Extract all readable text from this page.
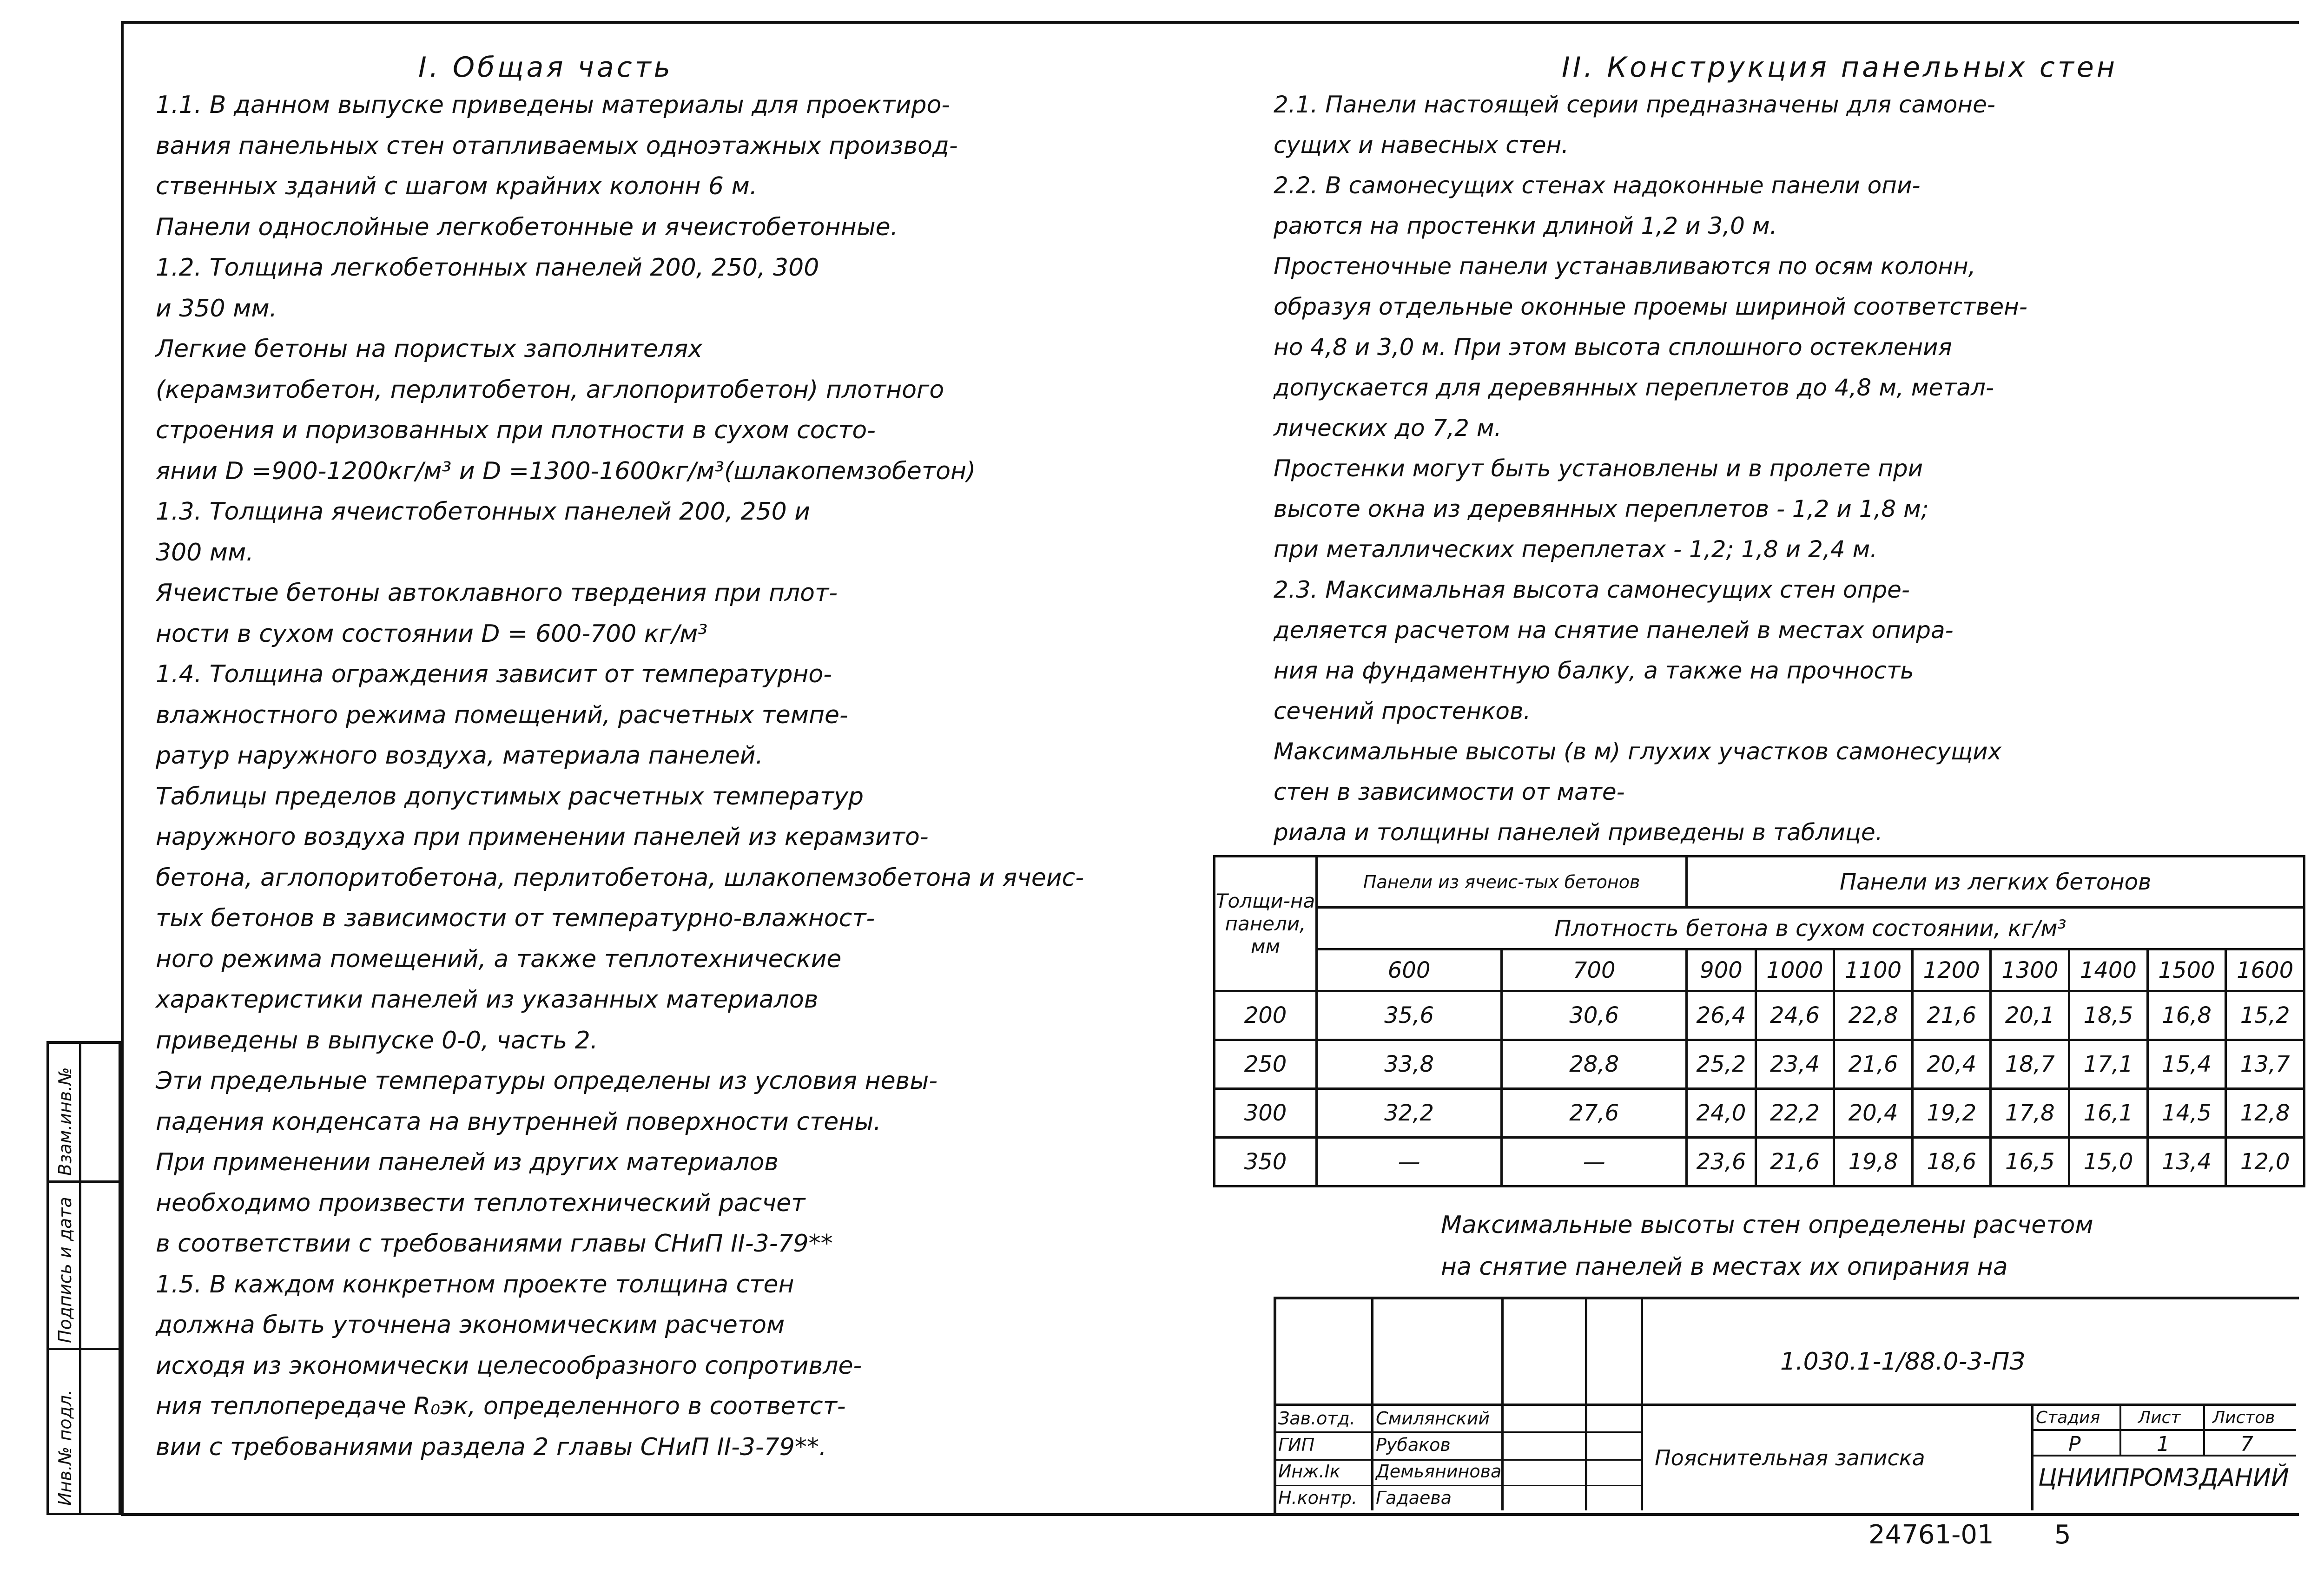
Инв.№ подл.
Подпись и дата
Взам.инв.№
I. Общая часть
1.1. В данном выпуске приведены материалы для проектиро-
вания панельных стен отапливаемых одноэтажных производ-
ственных зданий с шагом крайних колонн 6 м.
Панели однослойные легкобетонные и ячеистобетонные.
1.2. Толщина легкобетонных панелей 200, 250, 300
и 350 мм.
Легкие бетоны на пористых заполнителях
(керамзитобетон, перлитобетон, аглопоритобетон) плотного
строения и поризованных при плотности в сухом состо-
янии D =900-1200кг/м³ и D =1300-1600кг/м³(шлакопемзобетон)
1.3. Толщина ячеистобетонных панелей 200, 250 и
300 мм.
Ячеистые бетоны автоклавного твердения при плот-
ности в сухом состоянии D = 600-700 кг/м³
1.4. Толщина ограждения зависит от температурно-
влажностного режима помещений, расчетных темпе-
ратур наружного воздуха, материала панелей.
Таблицы пределов допустимых расчетных температур
наружного воздуха при применении панелей из керамзито-
бетона, аглопоритобетона, перлитобетона, шлакопемзобетона и ячеис-
тых бетонов в зависимости от температурно-влажност-
ного режима помещений, а также теплотехнические
характеристики панелей из указанных материалов
приведены в выпуске 0-0, часть 2.
Эти предельные температуры определены из условия невы-
падения конденсата на внутренней поверхности стены.
При применении панелей из других материалов
необходимо произвести теплотехнический расчет
в соответствии с требованиями главы СНиП II-3-79**
1.5. В каждом конкретном проекте толщина стен
должна быть уточнена экономическим расчетом
исходя из экономически целесообразного сопротивле-
ния теплопередаче R₀эк, определенного в соответст-
вии с требованиями раздела 2 главы СНиП II-3-79**.
II. Конструкция панельных стен
2.1. Панели настоящей серии предназначены для самоне-
сущих и навесных стен.
2.2. В самонесущих стенах надоконные панели опи-
раются на простенки длиной 1,2 и 3,0 м.
Простеночные панели устанавливаются по осям колонн,
образуя отдельные оконные проемы шириной соответствен-
но 4,8 и 3,0 м. При этом высота сплошного остекления
допускается для деревянных переплетов до 4,8 м, метал-
лических до 7,2 м.
Простенки могут быть установлены и в пролете при
высоте окна из деревянных переплетов - 1,2 и 1,8 м;
при металлических переплетах - 1,2; 1,8 и 2,4 м.
2.3. Максимальная высота самонесущих стен опре-
деляется расчетом на снятие панелей в местах опира-
ния на фундаментную балку, а также на прочность
сечений простенков.
Максимальные высоты (в м) глухих участков самонесущих
стен в зависимости от мате-
риала и толщины панелей приведены в таблице.
Толщи-на панели, мм	Панели из ячеис-тых бетонов		Панели из легких бетонов							
	Плотность бетона в сухом состоянии, кг/м³									
	600	700	900	1000	1100	1200	1300	1400	1500	1600
200	35,6	30,6	26,4	24,6	22,8	21,6	20,1	18,5	16,8	15,2
250	33,8	28,8	25,2	23,4	21,6	20,4	18,7	17,1	15,4	13,7
300	32,2	27,6	24,0	22,2	20,4	19,2	17,8	16,1	14,5	12,8
350	—	—	23,6	21,6	19,8	18,6	16,5	15,0	13,4	12,0
Максимальные высоты стен определены расчетом
на снятие панелей в местах их опирания на
1.030.1-1/88.0-3-ПЗ
Пояснительная записка
ЦНИИПРОМЗДАНИЙ
Стадия Лист Листов
Р	1	7
Зав.отд. Смилянский
ГИП	Рубаков
Инж.Iк Демьянинова
Н.контр. Гадаева
24761-01 5
